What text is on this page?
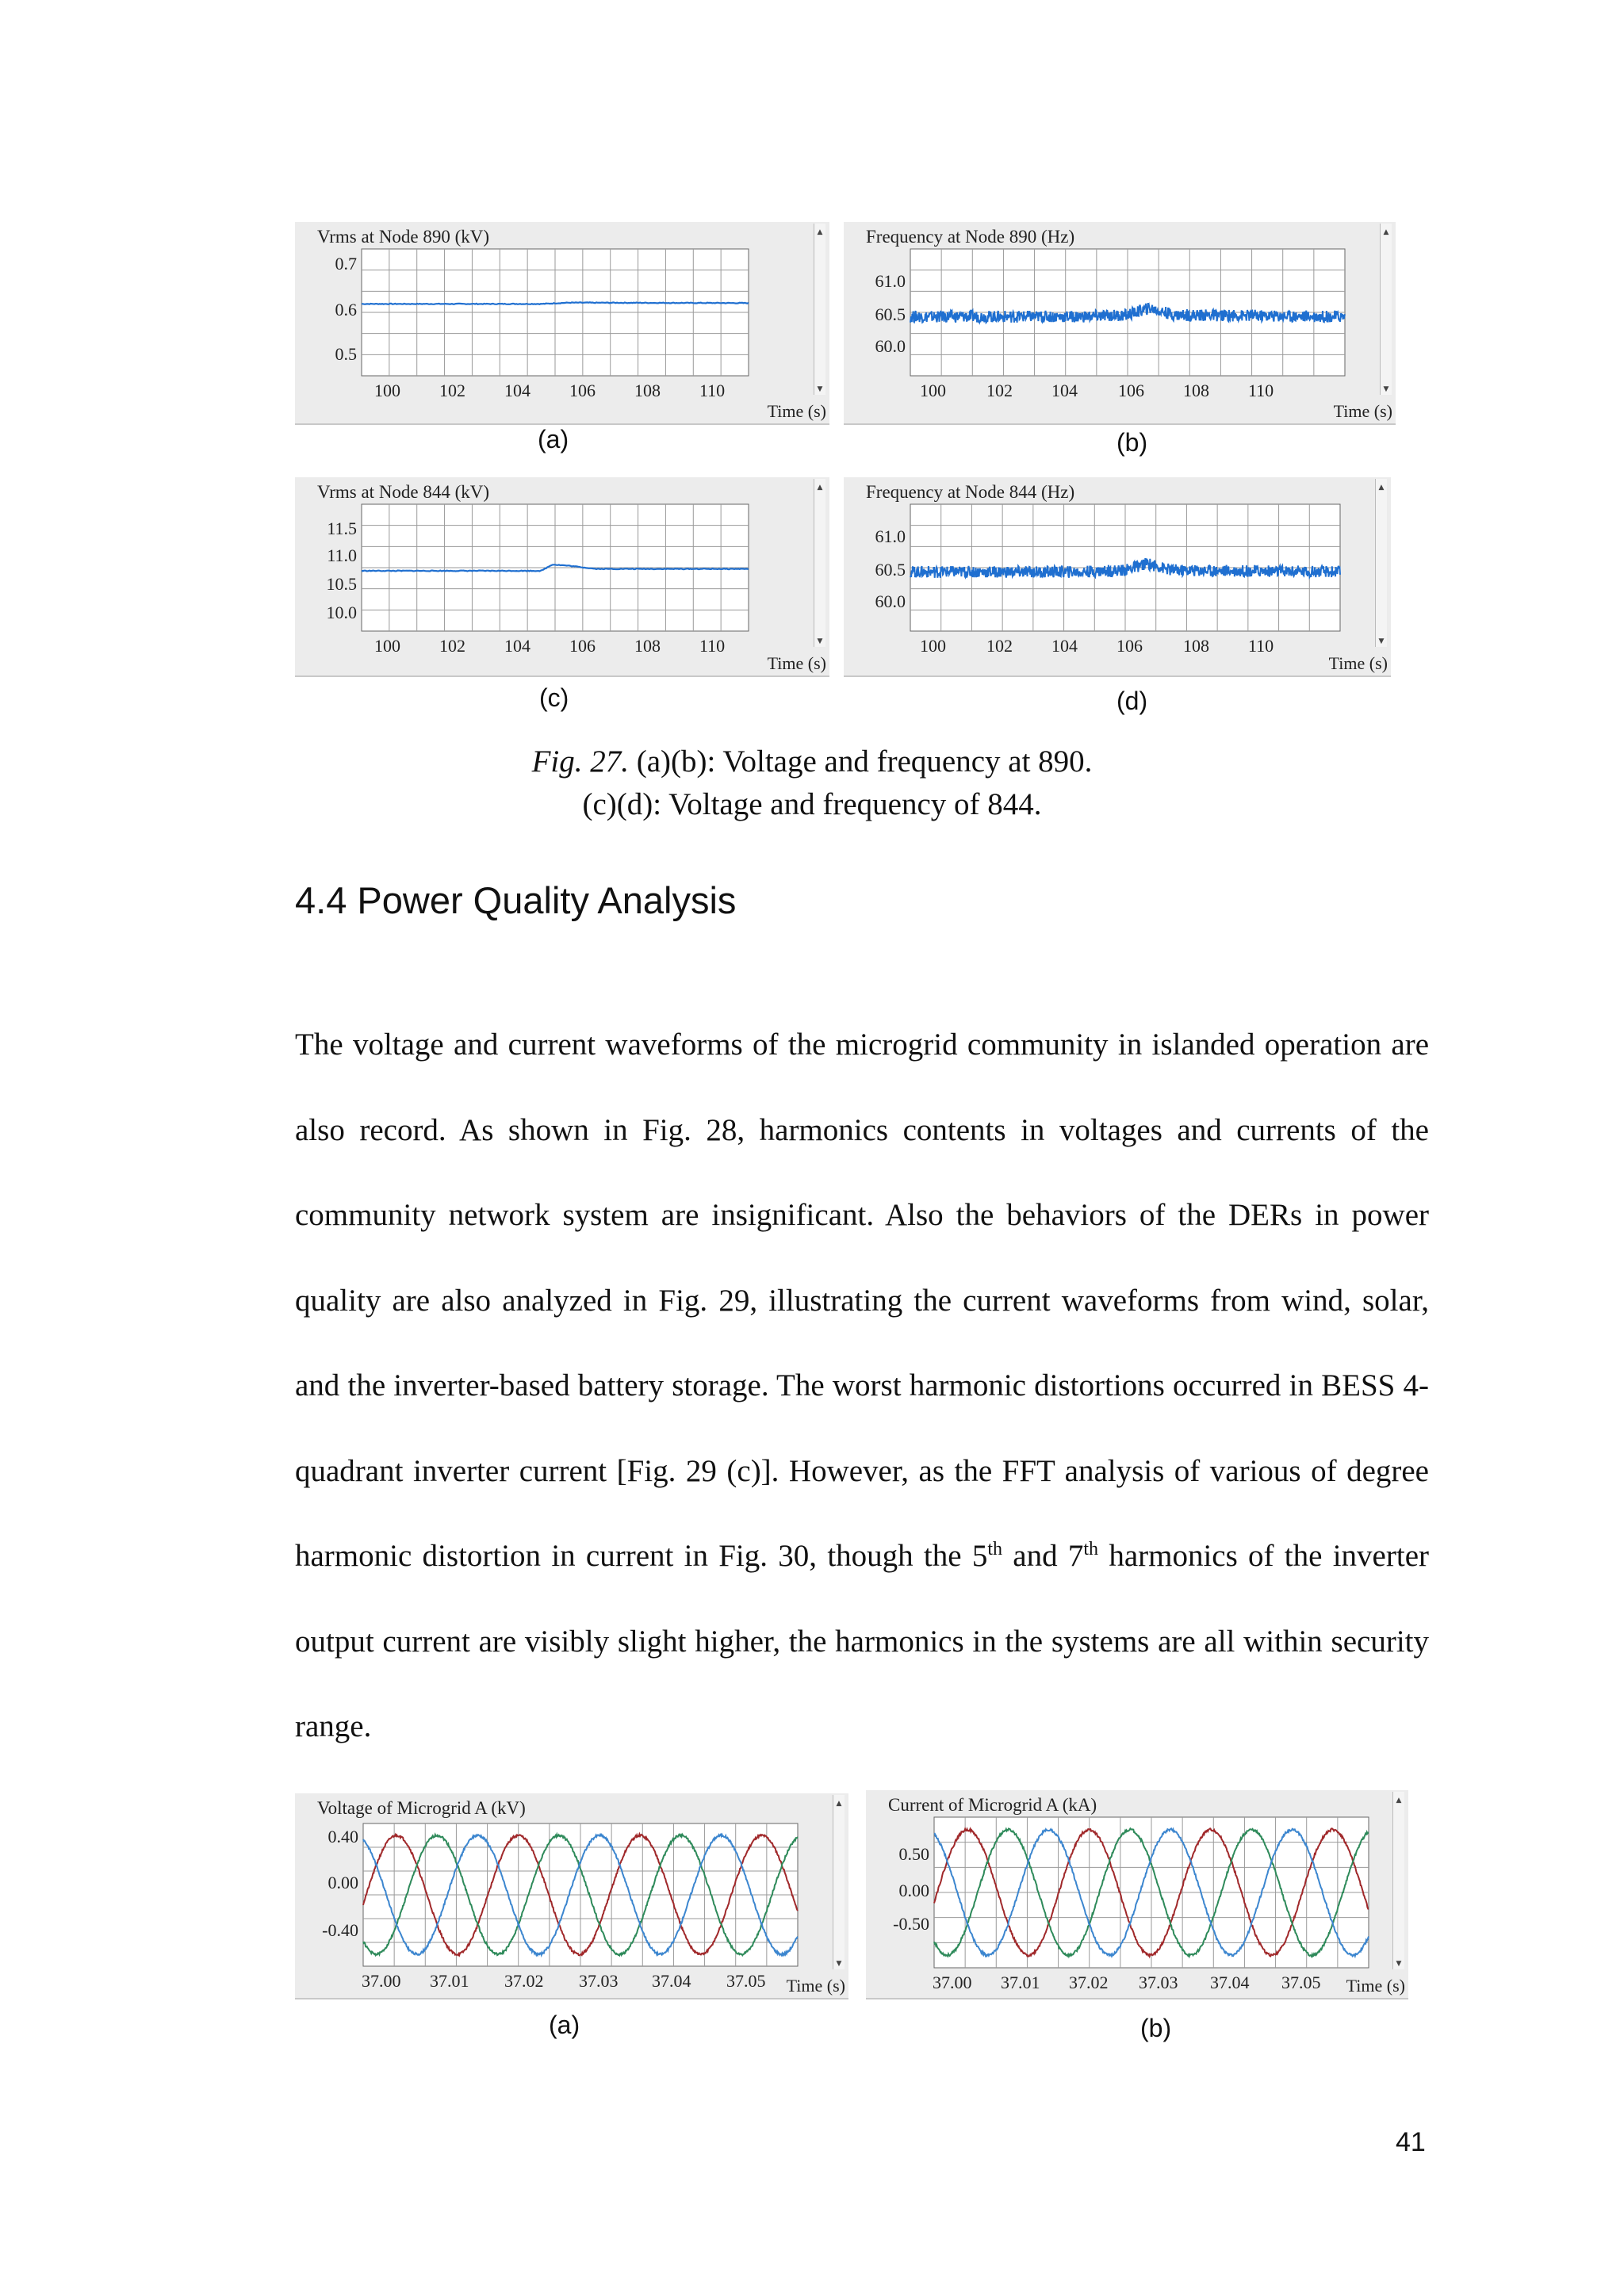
Vrms at Node 890 (kV)
0.7
0.6
0.5
100 102 104 106 108 110
Time (s)
▲
▼
Frequency at Node 890 (Hz)
61.0
60.5
60.0
100 102 104 106 108 110
Time (s)
▲
▼
Vrms at Node 844 (kV)
11.5
11.0
10.5
10.0
100 102 104 106 108 110
Time (s)
▲
▼
Frequency at Node 844 (Hz)
61.0
60.5
60.0
100 102 104 106 108 110
Time (s)
▲
▼
(a)	(b)
(c)	(d)
Fig. 27. (a)(b): Voltage and frequency at 890.
(c)(d): Voltage and frequency of 844.
4.4 Power Quality Analysis

The voltage and current waveforms of the microgrid community in islanded operation are also record. As shown in Fig. 28, harmonics contents in voltages and currents of the community network system are insignificant. Also the behaviors of the DERs in power quality are also analyzed in Fig. 29, illustrating the current waveforms from wind, solar, and the inverter-based battery storage. The worst harmonic distortions occurred in BESS 4-quadrant inverter current [Fig. 29 (c)]. However, as the FFT analysis of various of degree harmonic distortion in current in Fig. 30, though the 5th and 7th harmonics of the inverter output current are visibly slight higher, the harmonics in the systems are all within security range.

Voltage of Microgrid A (kV)
0.40
0.00
-0.40
37.00 37.01 37.02 37.03 37.04 37.05 Time (s)
▲
▼
Current of Microgrid A (kA)
0.50
0.00
-0.50
37.00 37.01 37.02 37.03 37.04 37.05 Time (s)
▲
▼
(a)	(b)
41
